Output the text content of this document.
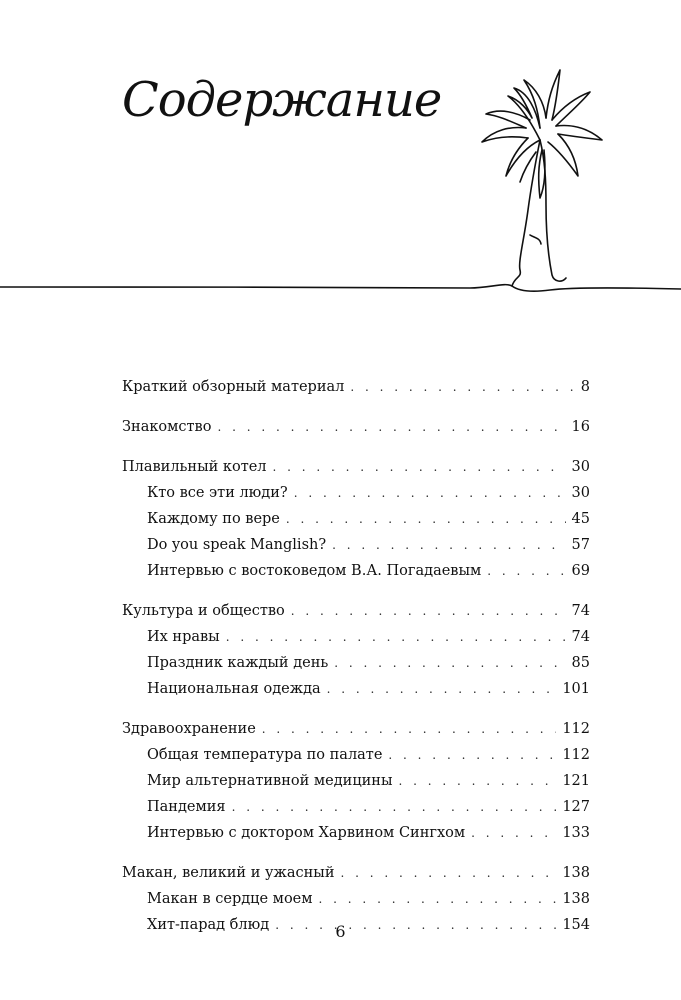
Содержание
Краткий обзорный материал . . .	8
Знакомство . . .	16
Плавильный котел . . .	30
Кто все эти люди? . . .	30
Каждому по вере . . .	45
Do you speak Manglish? . . .	57
Интервью с востоковедом В.А. Погадаевым . . .	69
Культура и общество . . .	74
Их нравы . . .	74
Праздник каждый день . . .	85
Национальная одежда . . .	101
Здравоохранение . . .	112
Общая температура по палате . . .	112
Мир альтернативной медицины . . .	121
Пандемия . . .	127
Интервью с доктором Харвином Сингхом . . .	133
Макан, великий и ужасный . . .	138
Макан в сердце моем . . .	138
Хит-парад блюд . . .	154
6
